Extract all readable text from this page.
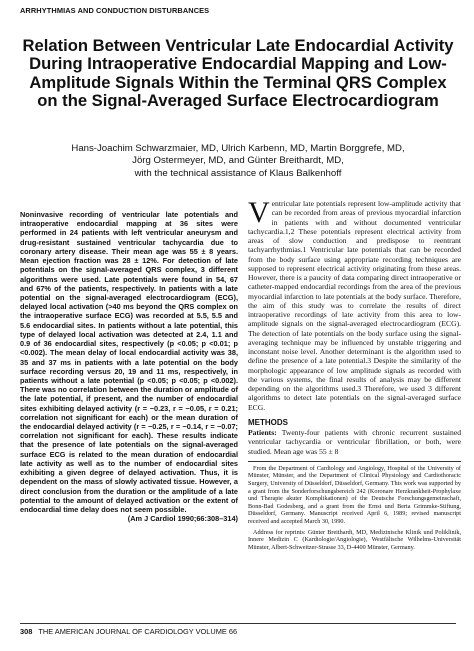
ARRHYTHMIAS AND CONDUCTION DISTURBANCES
Relation Between Ventricular Late Endocardial Activity During Intraoperative Endocardial Mapping and Low-Amplitude Signals Within the Terminal QRS Complex on the Signal-Averaged Surface Electrocardiogram
Hans-Joachim Schwarzmaier, MD, Ulrich Karbenn, MD, Martin Borggrefe, MD,
Jörg Ostermeyer, MD, and Günter Breithardt, MD,
with the technical assistance of Klaus Balkenhoff
Noninvasive recording of ventricular late potentials and intraoperative endocardial mapping at 36 sites were performed in 24 patients with left ventricular aneurysm and drug-resistant sustained ventricular tachycardia due to coronary artery disease. Their mean age was 55 ± 8 years. Mean ejection fraction was 28 ± 12%. For detection of late potentials on the signal-averaged QRS complex, 3 different algorithms were used. Late potentials were found in 54, 67 and 67% of the patients, respectively. In patients with a late potential on the signal-averaged electrocardiogram (ECG), delayed local activation (>40 ms beyond the QRS complex on the intraoperative surface ECG) was recorded at 5.5, 5.5 and 5.6 endocardial sites. In patients without a late potential, this type of delayed local activation was detected at 2.4, 1.1 and 0.9 of 36 endocardial sites, respectively (p <0.05; p <0.01; p <0.002). The mean delay of local endocardial activity was 38, 35 and 37 ms in patients with a late potential on the body surface recording versus 20, 19 and 11 ms, respectively, in patients without a late potential (p <0.05; p <0.05; p <0.002). There was no correlation between the duration or amplitude of the late potential, if present, and the number of endocardial sites exhibiting delayed activity (r = −0.23, r = −0.05, r = 0.21; correlation not significant for each) or the mean duration of the endocardial delayed activity (r = −0.25, r = −0.14, r = −0.07; correlation not significant for each). These results indicate that the presence of late potentials on the signal-averaged surface ECG is related to the mean duration of endocardial late activity as well as to the number of endocardial sites exhibiting a given degree of delayed activation. Thus, it is dependent on the mass of slowly activated tissue. However, a direct conclusion from the duration or the amplitude of a late potential to the amount of delayed activation or the extent of endocardial time delay does not seem possible.
(Am J Cardiol 1990;66:308–314)
Ventricular late potentials represent low-amplitude activity that can be recorded from areas of previous myocardial infarction in patients with and without documented ventricular tachycardia.1,2 These potentials represent electrical activity from areas of slow conduction and predispose to reentrant tachyarrhythmias.1 Ventricular late potentials that can be recorded from the body surface using appropriate recording techniques are supposed to represent electrical activity originating from these areas. However, there is a paucity of data comparing direct intraoperative or catheter-mapped endocardial recordings from the area of the previous myocardial infarction to late potentials at the body surface. Therefore, the aim of this study was to correlate the results of direct intraoperative recordings of late activity from this area to low-amplitude signals on the signal-averaged electrocardiogram (ECG). The detection of late potentials on the body surface using the signal-averaging technique may be influenced by unstable triggering and inconstant noise level. Another determinant is the algorithm used to define the presence of a late potential.3 Despite the similarity of the morphologic appearance of low amplitude signals as recorded with the various systems, the final results of analysis may be different depending on the algorithms used.3 Therefore, we used 3 different algorithms to detect late potentials on the signal-averaged surface ECG.
METHODS
Patients: Twenty-four patients with chronic recurrent sustained ventricular tachycardia or ventricular fibrillation, or both, were studied. Mean age was 55 ± 8
From the Department of Cardiology and Angiology, Hospital of the University of Münster, Münster, and the Department of Clinical Physiology and Cardiothoracic Surgery, University of Düsseldorf, Düsseldorf, Germany. This work was supported by a grant from the Sonderforschungsbereich 242 (Koronare Herzkrankheit-Prophylaxe und Therapie akuter Komplikationen) of the Deutsche Forschungsgemeinschaft, Bonn-Bad Godesberg, and a grant from the Ernst und Berta Grimmke-Stiftung, Düsseldorf, Germany. Manuscript received April 6, 1989; revised manuscript received and accepted March 30, 1990.
Address for reprints: Günter Breithardt, MD, Medizinische Klinik und Poliklinik, Innere Medizin C (Kardiologie/Angiologie), Westfälische Wilhelms-Universität Münster, Albert-Schweitzer-Strasse 33, D-4400 Münster, Germany.
308 THE AMERICAN JOURNAL OF CARDIOLOGY VOLUME 66
